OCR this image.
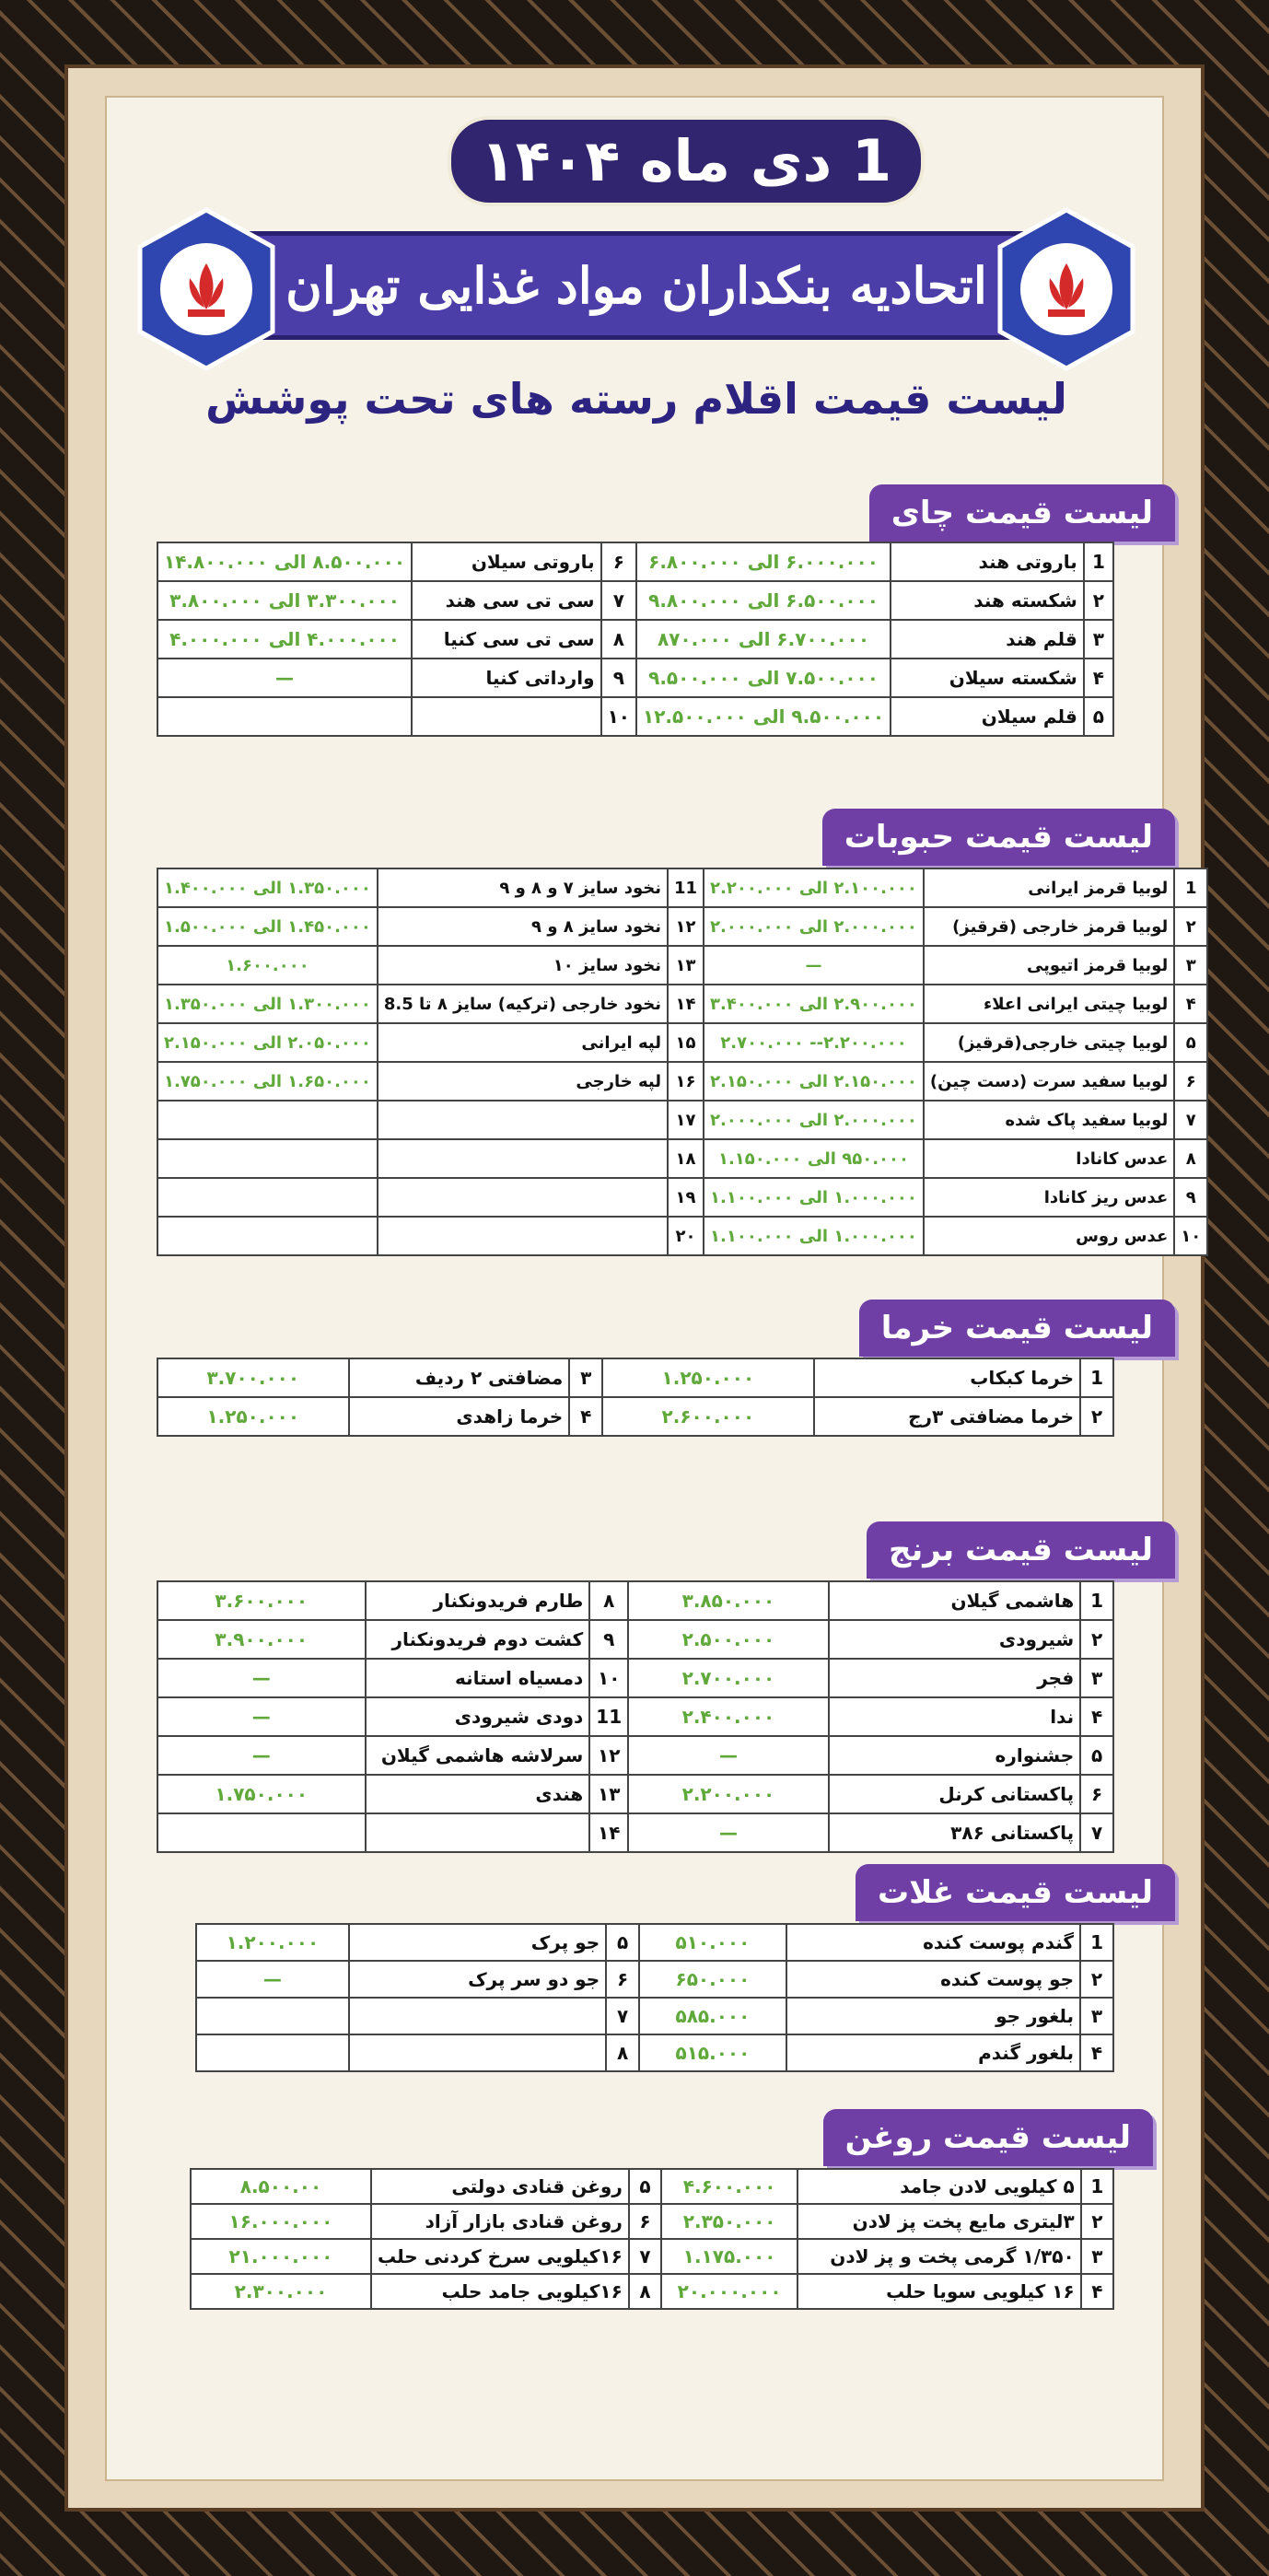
1 دی ماه ۱۴۰۴
اتحادیه بنکداران مواد غذایی تهران
لیست قیمت اقلام رسته های تحت پوشش
لیست قیمت چای
1	باروتی هند	۶.۰۰۰.۰۰۰ الی ۶.۸۰۰.۰۰۰	۶	باروتی سیلان	۸.۵۰۰.۰۰۰ الی ۱۴.۸۰۰.۰۰۰
۲	شکسته هند	۶.۵۰۰.۰۰۰ الی ۹.۸۰۰.۰۰۰	۷	سی تی سی هند	۳.۳۰۰.۰۰۰ الی ۳.۸۰۰.۰۰۰
۳	قلم هند	۶.۷۰۰.۰۰۰ الی ۸۷۰.۰۰۰	۸	سی تی سی کنیا	۴.۰۰۰.۰۰۰ الی ۴.۰۰۰.۰۰۰
۴	شکسته سیلان	۷.۵۰۰.۰۰۰ الی ۹.۵۰۰.۰۰۰	۹	وارداتی کنیا	—
۵	قلم سیلان	۹.۵۰۰.۰۰۰ الی ۱۲.۵۰۰.۰۰۰	۱۰		
لیست قیمت حبوبات
1	لوبیا قرمز ایرانی	۲.۱۰۰.۰۰۰ الی ۲.۲۰۰.۰۰۰	11	نخود سایز ۷ و ۸ و ۹	۱.۳۵۰.۰۰۰ الی ۱.۴۰۰.۰۰۰
۲	لوبیا قرمز خارجی (قرقیز)	۲.۰۰۰.۰۰۰ الی ۲.۰۰۰.۰۰۰	۱۲	نخود سایز ۸ و ۹	۱.۴۵۰.۰۰۰ الی ۱.۵۰۰.۰۰۰
۳	لوبیا قرمز اتیوپی	—	۱۳	نخود سایز ۱۰	۱.۶۰۰.۰۰۰
۴	لوبیا چیتی ایرانی اعلاء	۲.۹۰۰.۰۰۰ الی ۳.۴۰۰.۰۰۰	۱۴	نخود خارجی (ترکیه) سایز ۸ تا 8.5	۱.۳۰۰.۰۰۰ الی ۱.۳۵۰.۰۰۰
۵	لوبیا چیتی خارجی(قرقیز)	۲.۲۰۰.۰۰۰-- ۲.۷۰۰.۰۰۰	۱۵	لپه ایرانی	۲.۰۵۰.۰۰۰ الی ۲.۱۵۰.۰۰۰
۶	لوبیا سفید سرت (دست چین)	۲.۱۵۰.۰۰۰ الی ۲.۱۵۰.۰۰۰	۱۶	لپه خارجی	۱.۶۵۰.۰۰۰ الی ۱.۷۵۰.۰۰۰
۷	لوبیا سفید پاک شده	۲.۰۰۰.۰۰۰ الی ۲.۰۰۰.۰۰۰	۱۷		
۸	عدس کانادا	۹۵۰.۰۰۰ الی ۱.۱۵۰.۰۰۰	۱۸		
۹	عدس ریز کانادا	۱.۰۰۰.۰۰۰ الی ۱.۱۰۰.۰۰۰	۱۹		
۱۰	عدس روس	۱.۰۰۰.۰۰۰ الی ۱.۱۰۰.۰۰۰	۲۰		
لیست قیمت خرما
1	خرما کبکاب	۱.۲۵۰.۰۰۰	۳	مضافتی ۲ ردیف	۳.۷۰۰.۰۰۰
۲	خرما مضافتی ۳رج	۲.۶۰۰.۰۰۰	۴	خرما زاهدی	۱.۲۵۰.۰۰۰
لیست قیمت برنج
1	هاشمی گیلان	۳.۸۵۰.۰۰۰	۸	طارم فریدونکنار	۳.۶۰۰.۰۰۰
۲	شیرودی	۲.۵۰۰.۰۰۰	۹	کشت دوم فریدونکنار	۳.۹۰۰.۰۰۰
۳	فجر	۲.۷۰۰.۰۰۰	۱۰	دمسیاه استانه	—
۴	ندا	۲.۴۰۰.۰۰۰	11	دودی شیرودی	—
۵	جشنواره	—	۱۲	سرلاشه هاشمی گیلان	—
۶	پاکستانی کرنل	۲.۲۰۰.۰۰۰	۱۳	هندی	۱.۷۵۰.۰۰۰
۷	پاکستانی ۳۸۶	—	۱۴		
لیست قیمت غلات
1	گندم پوست کنده	۵۱۰.۰۰۰	۵	جو پرک	۱.۲۰۰.۰۰۰
۲	جو پوست کنده	۶۵۰.۰۰۰	۶	جو دو سر پرک	—
۳	بلغور جو	۵۸۵.۰۰۰	۷		
۴	بلغور گندم	۵۱۵.۰۰۰	۸		
لیست قیمت روغن
1	۵ کیلویی لادن جامد	۴.۶۰۰.۰۰۰	۵	روغن قنادی دولتی	۸.۵۰۰.۰۰
۲	۳لیتری مایع پخت پز لادن	۲.۳۵۰.۰۰۰	۶	روغن قنادی بازار آزاد	۱۶.۰۰۰.۰۰۰
۳	۱/۳۵۰ گرمی پخت و پز لادن	۱.۱۷۵.۰۰۰	۷	۱۶کیلویی سرخ کردنی حلب	۲۱.۰۰۰.۰۰۰
۴	۱۶ کیلویی سویا حلب	۲۰.۰۰۰.۰۰۰	۸	۱۶کیلویی جامد حلب	۲.۳۰۰.۰۰۰
